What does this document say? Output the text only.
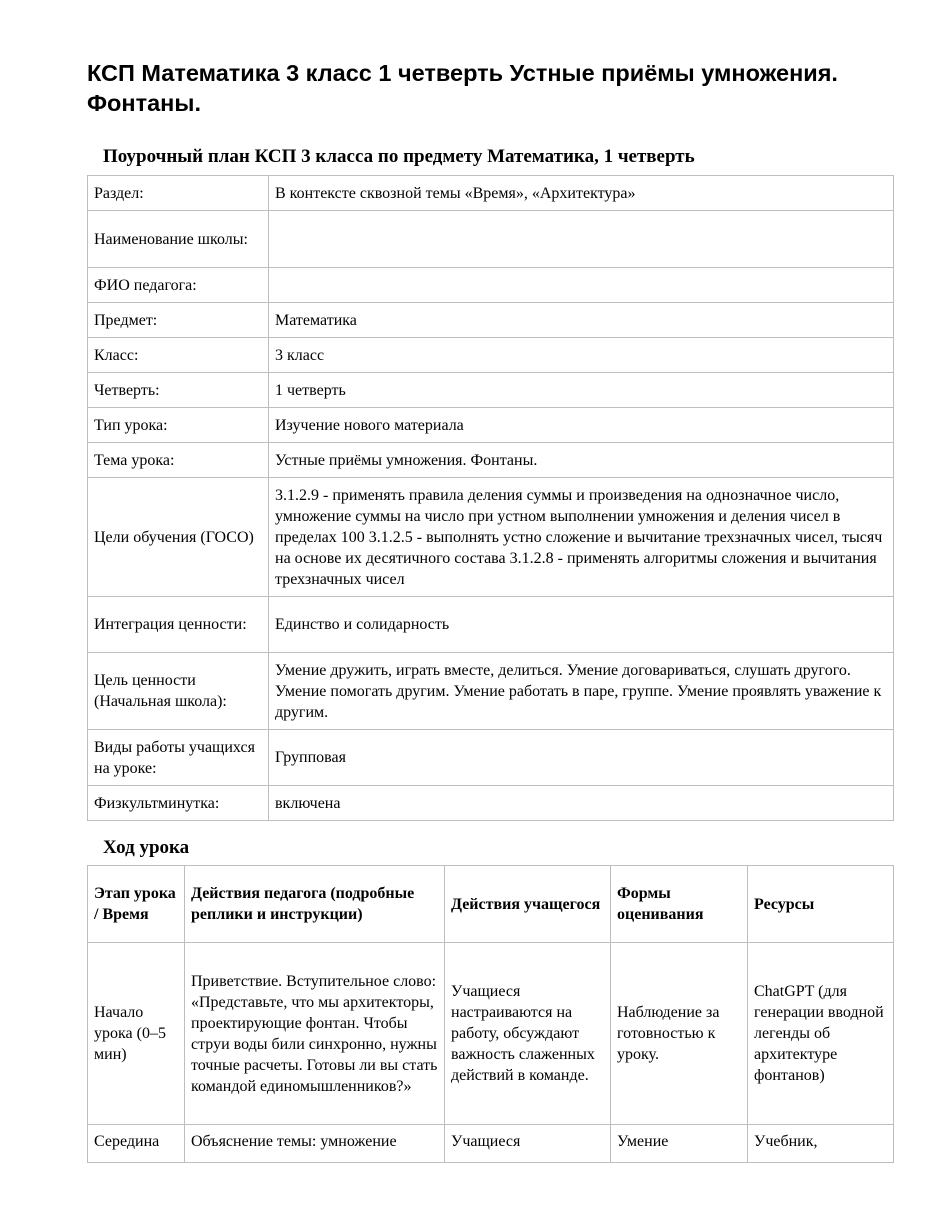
КСП Математика 3 класс 1 четверть Устные приёмы умножения. Фонтаны.
Поурочный план КСП 3 класса по предмету Математика, 1 четверть
Раздел:	В контексте сквозной темы «Время», «Архитектура»
Наименование школы:	
ФИО педагога:	
Предмет:	Математика
Класс:	3 класс
Четверть:	1 четверть
Тип урока:	Изучение нового материала
Тема урока:	Устные приёмы умножения. Фонтаны.
Цели обучения (ГОСО)	3.1.2.9 - применять правила деления суммы и произведения на однозначное число, умножение суммы на число при устном выполнении умножения и деления чисел в пределах 100 3.1.2.5 - выполнять устно сложение и вычитание трехзначных чисел, тысяч на основе их десятичного состава 3.1.2.8 - применять алгоритмы сложения и вычитания трехзначных чисел
Интеграция ценности:	Единство и солидарность
Цель ценности (Начальная школа):	Умение дружить, играть вместе, делиться. Умение договариваться, слушать другого. Умение помогать другим. Умение работать в паре, группе. Умение проявлять уважение к другим.
Виды работы учащихся на уроке:	Групповая
Физкультминутка:	включена
Ход урока
Этап урока / Время	Действия педагога (подробные реплики и инструкции)	Действия учащегося	Формы оценивания	Ресурсы
Начало урока (0–5 мин)	Приветствие. Вступительное слово: «Представьте, что мы архитекторы, проектирующие фонтан. Чтобы струи воды били синхронно, нужны точные расчеты. Готовы ли вы стать командой единомышленников?»	Учащиеся настраиваются на работу, обсуждают важность слаженных действий в команде.	Наблюдение за готовностью к уроку.	ChatGPT (для генерации вводной легенды об архитектуре фонтанов)
Середина	Объяснение темы: умножение	Учащиеся	Умение	Учебник,
